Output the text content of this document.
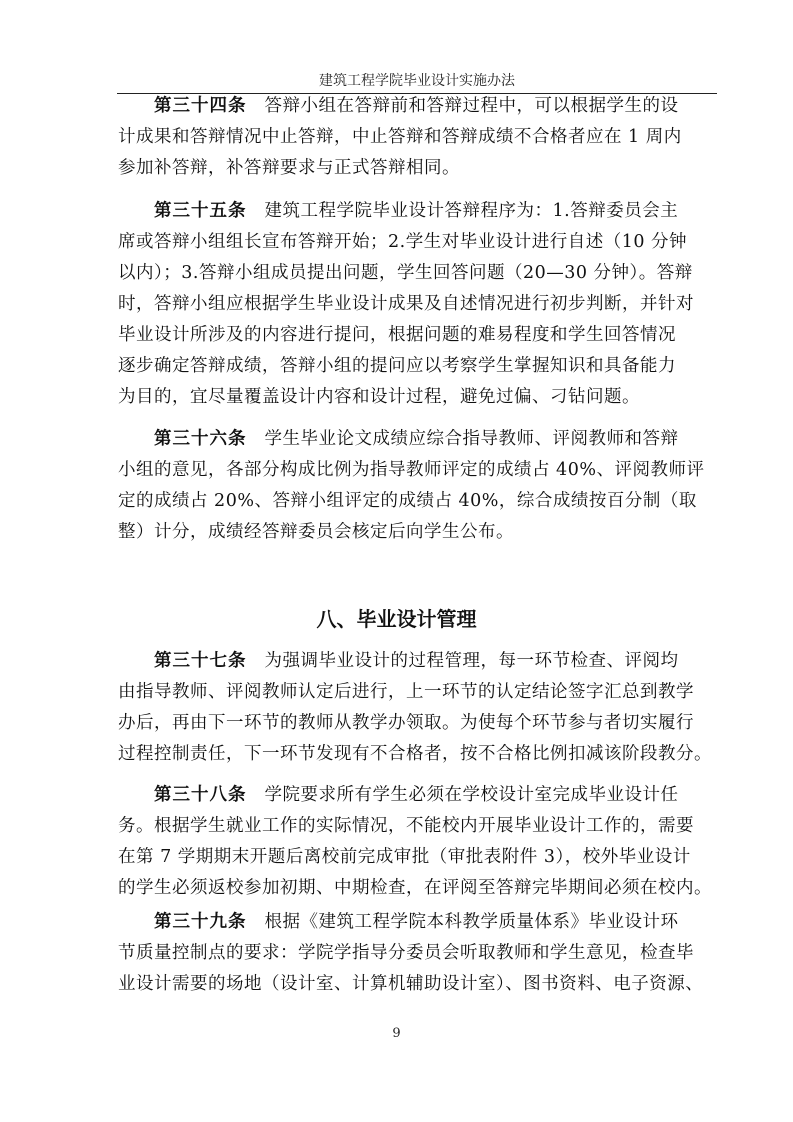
建筑工程学院毕业设计实施办法
第三十四条 答辩小组在答辩前和答辩过程中，可以根据学生的设
计成果和答辩情况中止答辩，中止答辩和答辩成绩不合格者应在 1 周内
参加补答辩，补答辩要求与正式答辩相同。
第三十五条 建筑工程学院毕业设计答辩程序为：1.答辩委员会主
席或答辩小组组长宣布答辩开始；2.学生对毕业设计进行自述（10 分钟
以内）；3.答辩小组成员提出问题，学生回答问题（20—30 分钟）。答辩
时，答辩小组应根据学生毕业设计成果及自述情况进行初步判断，并针对
毕业设计所涉及的内容进行提问，根据问题的难易程度和学生回答情况
逐步确定答辩成绩，答辩小组的提问应以考察学生掌握知识和具备能力
为目的，宜尽量覆盖设计内容和设计过程，避免过偏、刁钻问题。
第三十六条 学生毕业论文成绩应综合指导教师、评阅教师和答辩
小组的意见，各部分构成比例为指导教师评定的成绩占 40%、评阅教师评
定的成绩占 20%、答辩小组评定的成绩占 40%，综合成绩按百分制（取
整）计分，成绩经答辩委员会核定后向学生公布。
八、毕业设计管理
第三十七条 为强调毕业设计的过程管理，每一环节检查、评阅均
由指导教师、评阅教师认定后进行，上一环节的认定结论签字汇总到教学
办后，再由下一环节的教师从教学办领取。为使每个环节参与者切实履行
过程控制责任，下一环节发现有不合格者，按不合格比例扣减该阶段教分。
第三十八条 学院要求所有学生必须在学校设计室完成毕业设计任
务。根据学生就业工作的实际情况，不能校内开展毕业设计工作的，需要
在第 7 学期期末开题后离校前完成审批（审批表附件 3），校外毕业设计
的学生必须返校参加初期、中期检查，在评阅至答辩完毕期间必须在校内。
第三十九条 根据《建筑工程学院本科教学质量体系》毕业设计环
节质量控制点的要求：学院学指导分委员会听取教师和学生意见，检查毕
业设计需要的场地（设计室、计算机辅助设计室）、图书资料、电子资源、
9
